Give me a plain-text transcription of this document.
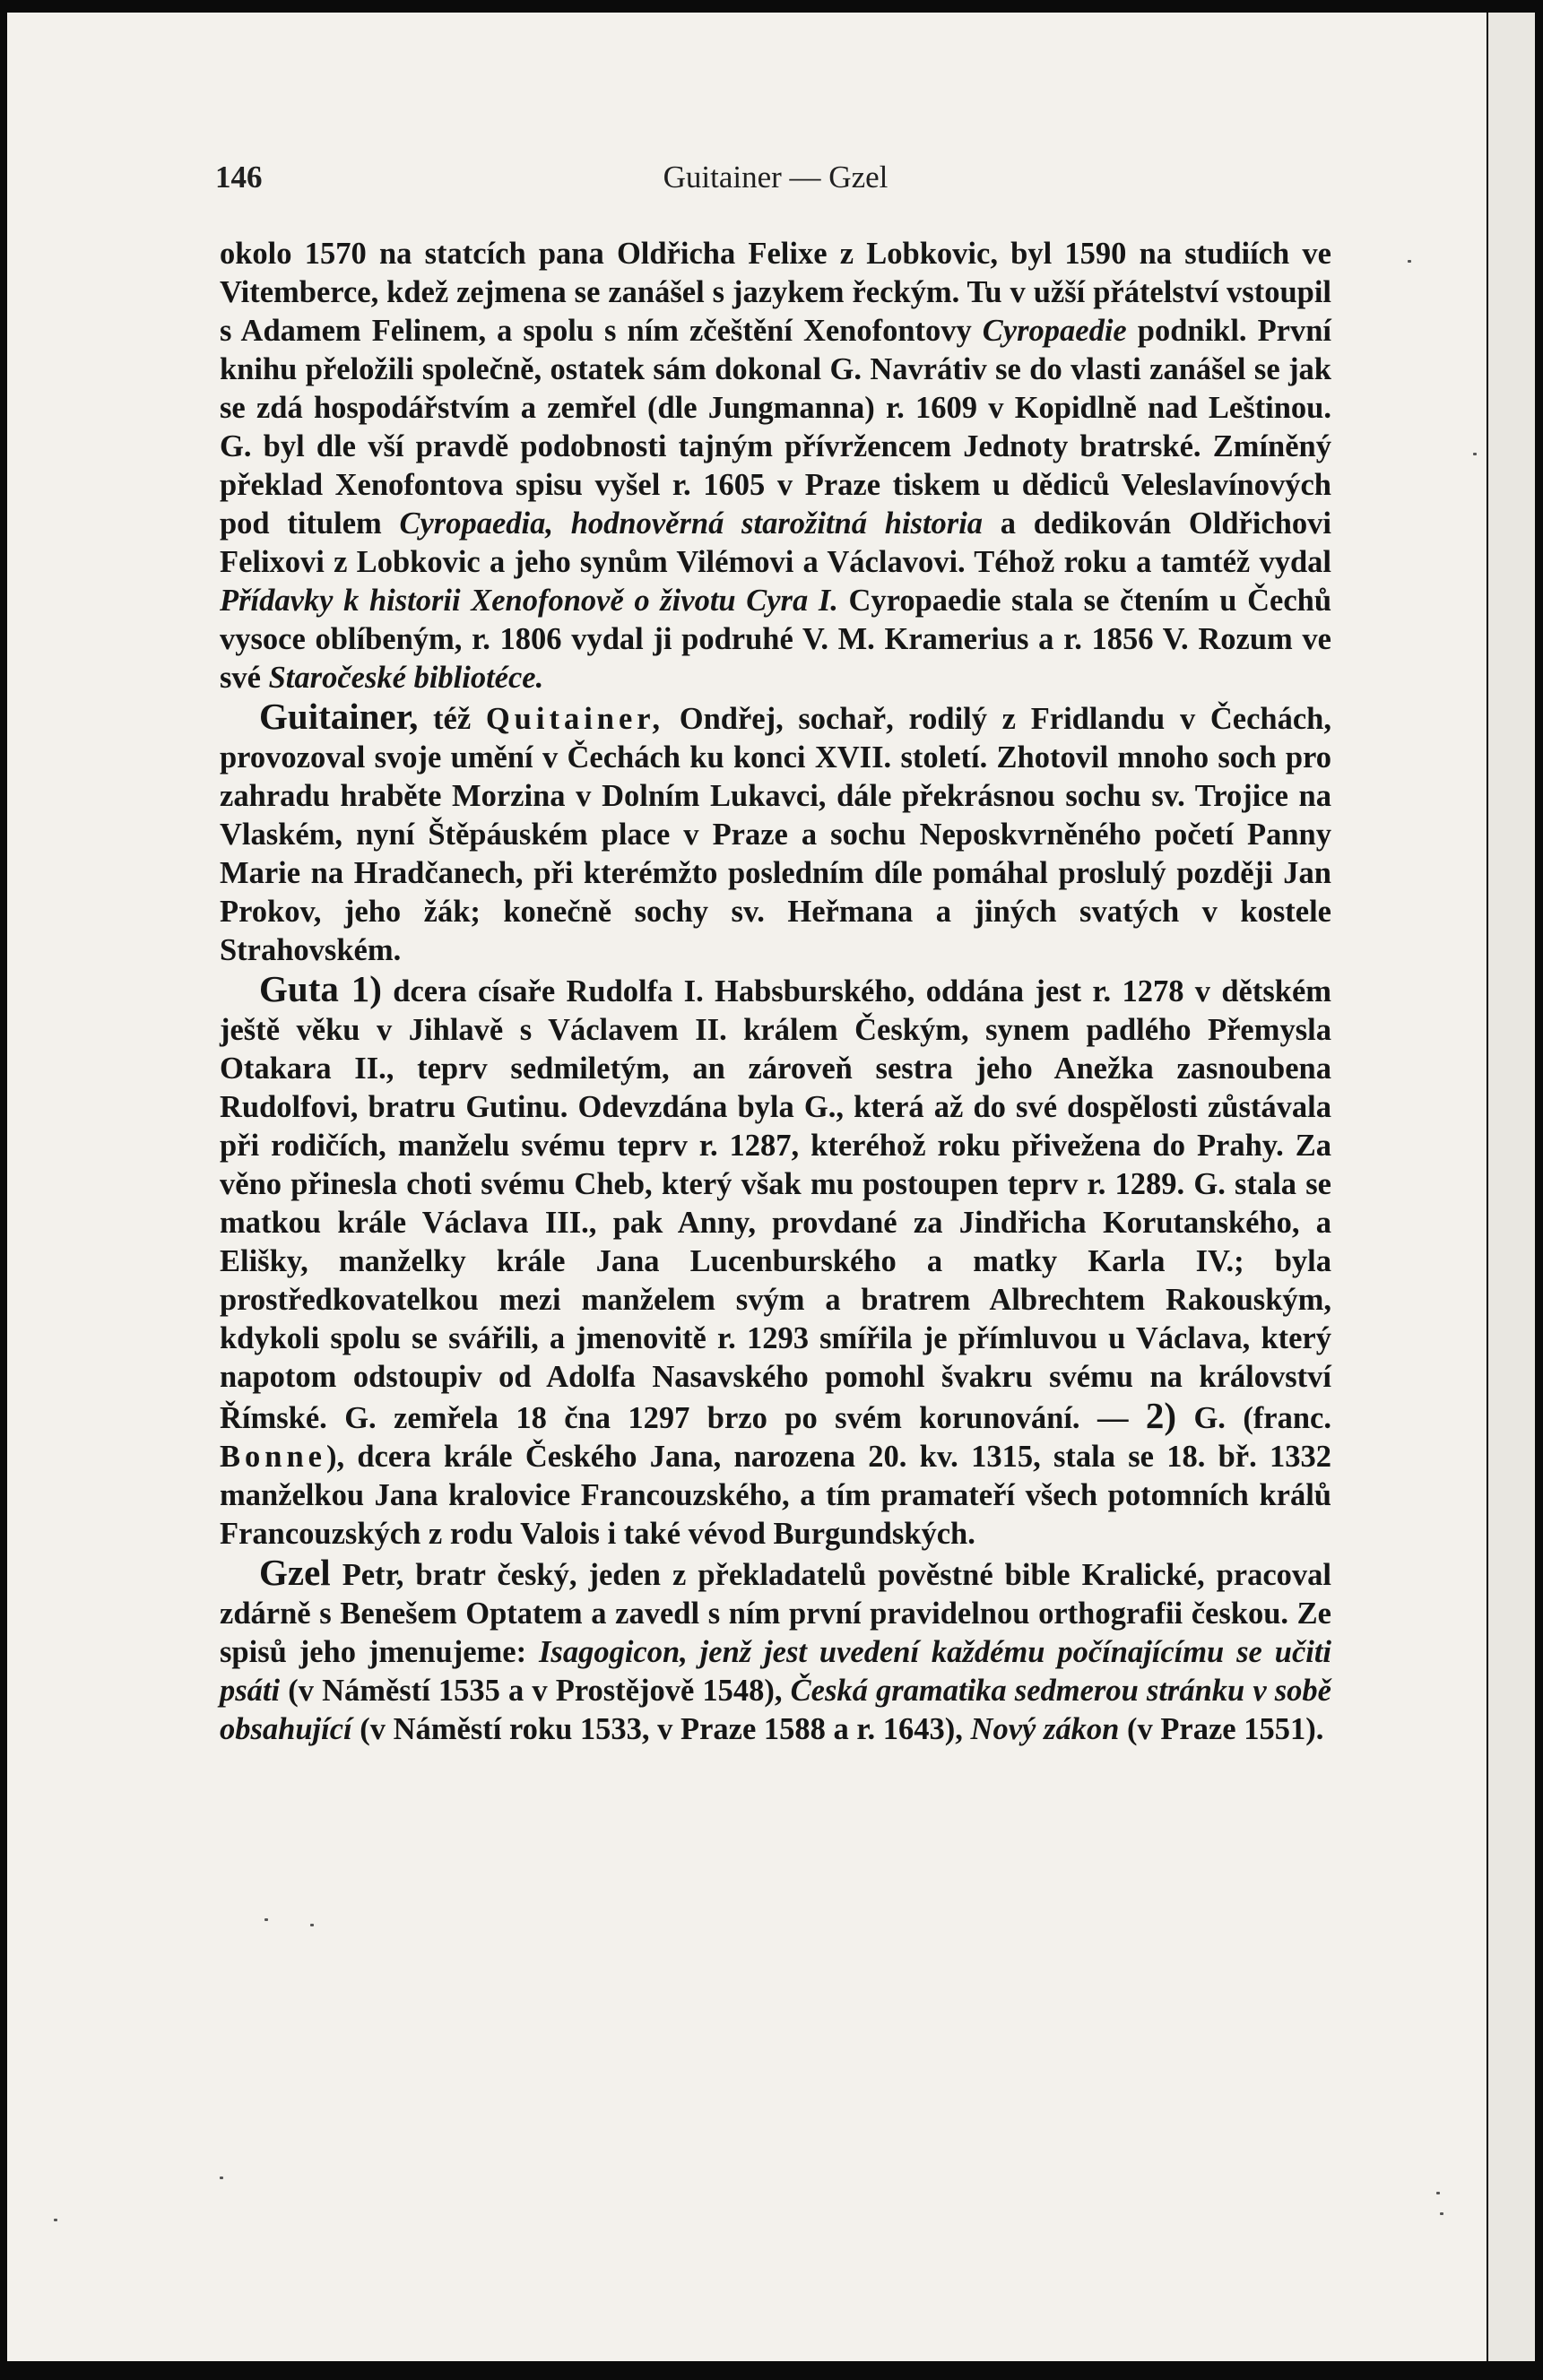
146	Guitainer — Gzel

okolo 1570 na statcích pana Oldřicha Felixe z Lobkovic, byl 1590 na studiích ve Vitemberce, kdež zejmena se zanášel s jazykem řeckým. Tu v užší přátelství vstoupil s Adamem Felinem, a spolu s ním zčeštění Xenofontovy Cyropaedie podnikl. První knihu přeložili společně, ostatek sám dokonal G. Navrátiv se do vlasti zanášel se jak se zdá hospodářstvím a zemřel (dle Jungmanna) r. 1609 v Kopidlně nad Leštinou. G. byl dle vší pravdě podobnosti tajným přívržencem Jednoty bratrské. Zmíněný překlad Xenofontova spisu vyšel r. 1605 v Praze tiskem u dědiců Veleslavínových pod titulem Cyropaedia, hodnověrná starožitná historia a dedikován Oldřichovi Felixovi z Lobkovic a jeho synům Vilémovi a Václavovi. Téhož roku a tamtéž vydal Přídavky k historii Xenofonově o životu Cyra I. Cyropaedie stala se čtením u Čechů vysoce oblíbeným, r. 1806 vydal ji podruhé V. M. Kramerius a r. 1856 V. Rozum ve své Staročeské bibliotéce.

Guitainer, též Quitainer, Ondřej, sochař, rodilý z Fridlandu v Čechách, provozoval svoje umění v Čechách ku konci XVII. století. Zhotovil mnoho soch pro zahradu hraběte Morzina v Dolním Lukavci, dále překrásnou sochu sv. Trojice na Vlaském, nyní Štěpáuském place v Praze a sochu Neposkvrněného početí Panny Marie na Hradčanech, při kterémžto posledním díle pomáhal proslulý později Jan Prokov, jeho žák; konečně sochy sv. Heřmana a jiných svatých v kostele Strahovském.

Guta 1) dcera císaře Rudolfa I. Habsburského, oddána jest r. 1278 v dětském ještě věku v Jihlavě s Václavem II. králem Českým, synem padlého Přemysla Otakara II., teprv sedmiletým, an zároveň sestra jeho Anežka zasnoubena Rudolfovi, bratru Gutinu. Odevzdána byla G., která až do své dospělosti zůstávala při rodičích, manželu svému teprv r. 1287, kteréhož roku přivežena do Prahy. Za věno přinesla choti svému Cheb, který však mu postoupen teprv r. 1289. G. stala se matkou krále Václava III., pak Anny, provdané za Jindřicha Korutanského, a Elišky, manželky krále Jana Lucenburského a matky Karla IV.; byla prostředkovatelkou mezi manželem svým a bratrem Albrechtem Rakouským, kdykoli spolu se svářili, a jmenovitě r. 1293 smířila je přímluvou u Václava, který napotom odstoupiv od Adolfa Nasavského pomohl švakru svému na království Římské. G. zemřela 18 čna 1297 brzo po svém korunování. — 2) G. (franc. Bonne), dcera krále Českého Jana, narozena 20. kv. 1315, stala se 18. bř. 1332 manželkou Jana kralovice Francouzského, a tím pramateří všech potomních králů Francouzských z rodu Valois i také vévod Burgundských.

Gzel Petr, bratr český, jeden z překladatelů pověstné bible Kralické, pracoval zdárně s Benešem Optatem a zavedl s ním první pravidelnou orthografii českou. Ze spisů jeho jmenujeme: Isagogicon, jenž jest uvedení každému počínajícímu se učiti psáti (v Náměstí 1535 a v Prostějově 1548), Česká gramatika sedmerou stránku v sobě obsahující (v Náměstí roku 1533, v Praze 1588 a r. 1643), Nový zákon (v Praze 1551).
